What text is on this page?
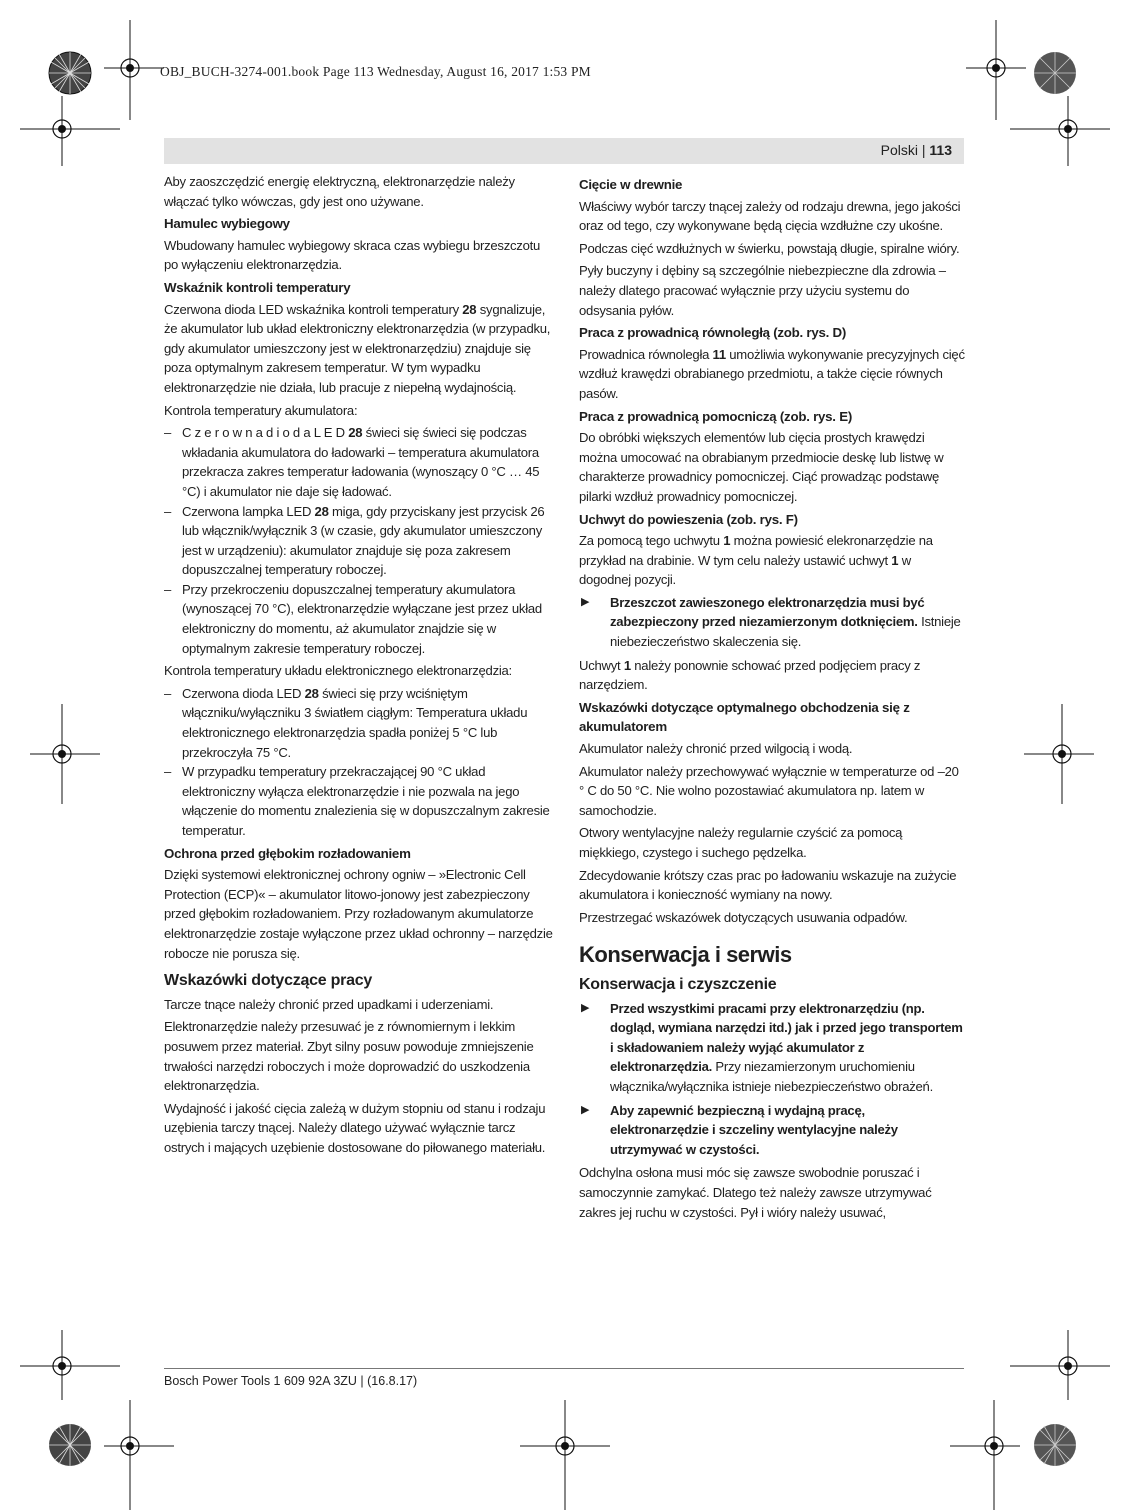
OBJ_BUCH-3274-001.book Page 113 Wednesday, August 16, 2017 1:53 PM
Polski | 113

Aby zaoszczędzić energię elektryczną, elektronarzędzie należy włączać tylko wówczas, gdy jest ono używane.

Hamulec wybiegowy

Wbudowany hamulec wybiegowy skraca czas wybiegu brzeszczotu po wyłączeniu elektronarzędzia.

Wskaźnik kontroli temperatury

Czerwona dioda LED wskaźnika kontroli temperatury 28 sygnalizuje, że akumulator lub układ elektroniczny elektronarzędzia (w przypadku, gdy akumulator umieszczony jest w elektronarzędziu) znajduje się poza optymalnym zakresem temperatur. W tym wypadku elektronarzędzie nie działa, lub pracuje z niepełną wydajnością.

Kontrola temperatury akumulatora:

– C z e r o w n a d i o d a L E D 28 świeci się świeci się podczas wkładania akumulatora do ładowarki – temperatura akumulatora przekracza zakres temperatur ładowania (wynoszący 0 °C … 45 °C) i akumulator nie daje się ładować.
– Czerwona lampka LED 28 miga, gdy przyciskany jest przycisk 26 lub włącznik/wyłącznik 3 (w czasie, gdy akumulator umieszczony jest w urządzeniu): akumulator znajduje się poza zakresem dopuszczalnej temperatury roboczej.
– Przy przekroczeniu dopuszczalnej temperatury akumulatora (wynoszącej 70 °C), elektronarzędzie wyłączane jest przez układ elektroniczny do momentu, aż akumulator znajdzie się w optymalnym zakresie temperatury roboczej.

Kontrola temperatury układu elektronicznego elektronarzędzia:

– Czerwona dioda LED 28 świeci się przy wciśniętym włączniku/wyłączniku 3 światłem ciągłym: Temperatura układu elektronicznego elektronarzędzia spadła poniżej 5 °C lub przekroczyła 75 °C.
– W przypadku temperatury przekraczającej 90 °C układ elektroniczny wyłącza elektronarzędzie i nie pozwala na jego włączenie do momentu znalezienia się w dopuszczalnym zakresie temperatur.
Ochrona przed głębokim rozładowaniem

Dzięki systemowi elektronicznej ochrony ogniw – »Electronic Cell Protection (ECP)« – akumulator litowo-jonowy jest zabezpieczony przed głębokim rozładowaniem. Przy rozładowanym akumulatorze elektronarzędzie zostaje wyłączone przez układ ochronny – narzędzie robocze nie porusza się.

Wskazówki dotyczące pracy

Tarcze tnące należy chronić przed upadkami i uderzeniami.

Elektronarzędzie należy przesuwać je z równomiernym i lekkim posuwem przez materiał. Zbyt silny posuw powoduje zmniejszenie trwałości narzędzi roboczych i może doprowadzić do uszkodzenia elektronarzędzia.

Wydajność i jakość cięcia zależą w dużym stopniu od stanu i rodzaju uzębienia tarczy tnącej. Należy dlatego używać wyłącznie tarcz ostrych i mających uzębienie dostosowane do piłowanego materiału.

Cięcie w drewnie

Właściwy wybór tarczy tnącej zależy od rodzaju drewna, jego jakości oraz od tego, czy wykonywane będą cięcia wzdłużne czy ukośne.

Podczas cięć wzdłużnych w świerku, powstają długie, spiralne wióry.

Pyły buczyny i dębiny są szczególnie niebezpieczne dla zdrowia – należy dlatego pracować wyłącznie przy użyciu systemu do odsysania pyłów.

Praca z prowadnicą równoległą (zob. rys. D)

Prowadnica równoległa 11 umożliwia wykonywanie precyzyjnych cięć wzdłuż krawędzi obrabianego przedmiotu, a także cięcie równych pasów.

Praca z prowadnicą pomocniczą (zob. rys. E)

Do obróbki większych elementów lub cięcia prostych krawędzi można umocować na obrabianym przedmiocie deskę lub listwę w charakterze prowadnicy pomocniczej. Ciąć prowadząc podstawę pilarki wzdłuż prowadnicy pomocniczej.

Uchwyt do powieszenia (zob. rys. F)

Za pomocą tego uchwytu 1 można powiesić elekronarzędzie na przykład na drabinie. W tym celu należy ustawić uchwyt 1 w dogodnej pozycji.

▶ Brzeszczot zawieszonego elektronarzędzia musi być zabezpieczony przed niezamierzonym dotknięciem. Istnieje niebezieczeństwo skaleczenia się.

Uchwyt 1 należy ponownie schować przed podjęciem pracy z narzędziem.

Wskazówki dotyczące optymalnego obchodzenia się z akumulatorem

Akumulator należy chronić przed wilgocią i wodą.

Akumulator należy przechowywać wyłącznie w temperaturze od –20 ° C do 50 °C. Nie wolno pozostawiać akumulatora np. latem w samochodzie.

Otwory wentylacyjne należy regularnie czyścić za pomocą miękkiego, czystego i suchego pędzelka.

Zdecydowanie krótszy czas prac po ładowaniu wskazuje na zużycie akumulatora i konieczność wymiany na nowy.

Przestrzegać wskazówek dotyczących usuwania odpadów.

Konserwacja i serwis
Konserwacja i czyszczenie
▶ Przed wszystkimi pracami przy elektronarzędziu (np. dogląd, wymiana narzędzi itd.) jak i przed jego transportem i składowaniem należy wyjąć akumulator z elektronarzędzia. Przy niezamierzonym uruchomieniu włącznika/wyłącznika istnieje niebezpieczeństwo obrażeń.
▶ Aby zapewnić bezpieczną i wydajną pracę, elektronarzędzie i szczeliny wentylacyjne należy utrzymywać w czystości.

Odchylna osłona musi móc się zawsze swobodnie poruszać i samoczynnie zamykać. Dlatego też należy zawsze utrzymywać zakres jej ruchu w czystości. Pył i wióry należy usuwać,

Bosch Power Tools 1 609 92A 3ZU | (16.8.17)
